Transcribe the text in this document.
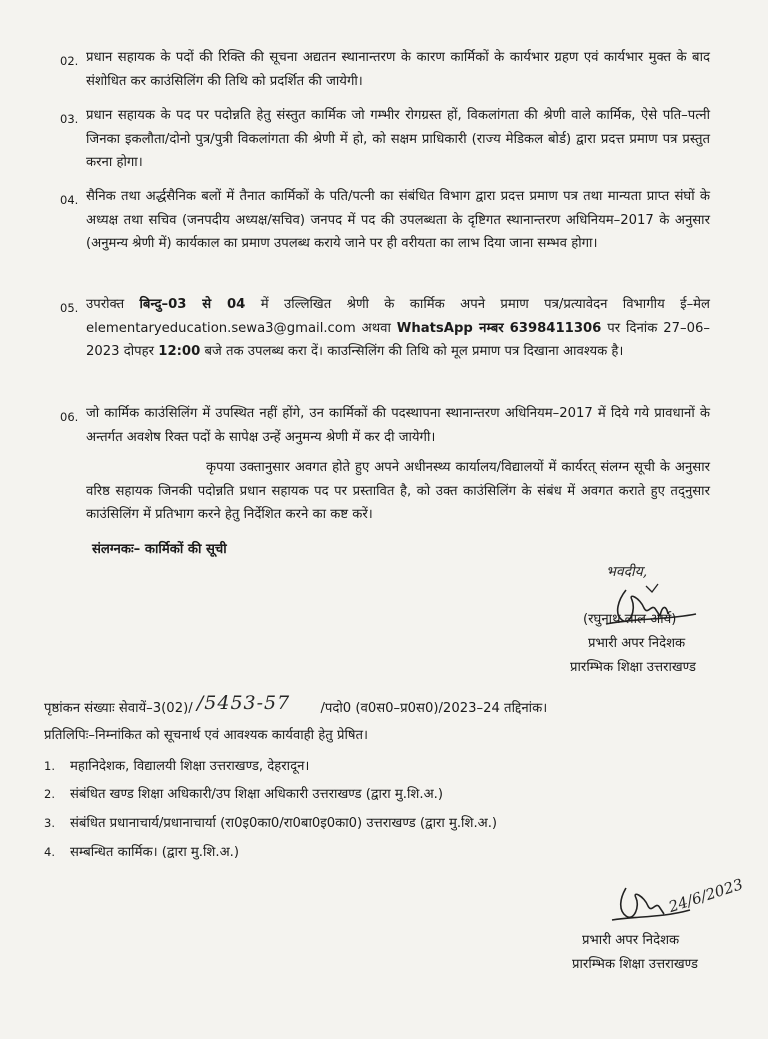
02. प्रधान सहायक के पदों की रिक्ति की सूचना अद्यतन स्थानान्तरण के कारण कार्मिकों के कार्यभार ग्रहण एवं कार्यभार मुक्त के बाद संशोधित कर काउंसिलिंग की तिथि को प्रदर्शित की जायेगी।
03. प्रधान सहायक के पद पर पदोन्नति हेतु संस्तुत कार्मिक जो गम्भीर रोगग्रस्त हों, विकलांगता की श्रेणी वाले कार्मिक, ऐसे पति–पत्नी जिनका इकलौता/दोनो पुत्र/पुत्री विकलांगता की श्रेणी में हो, को सक्षम प्राधिकारी (राज्य मेडिकल बोर्ड) द्वारा प्रदत्त प्रमाण पत्र प्रस्तुत करना होगा।
04. सैनिक तथा अर्द्धसैनिक बलों में तैनात कार्मिकों के पति/पत्नी का संबंधित विभाग द्वारा प्रदत्त प्रमाण पत्र तथा मान्यता प्राप्त संघों के अध्यक्ष तथा सचिव (जनपदीय अध्यक्ष/सचिव) जनपद में पद की उपलब्धता के दृष्टिगत स्थानान्तरण अधिनियम–2017 के अनुसार (अनुमन्य श्रेणी में) कार्यकाल का प्रमाण उपलब्ध कराये जाने पर ही वरीयता का लाभ दिया जाना सम्भव होगा।
05. उपरोक्त बिन्दु–03 से 04 में उल्लिखित श्रेणी के कार्मिक अपने प्रमाण पत्र/प्रत्यावेदन विभागीय ई–मेल elementaryeducation.sewa3@gmail.com अथवा WhatsApp नम्बर 6398411306 पर दिनांक 27–06–2023 दोपहर 12:00 बजे तक उपलब्ध करा दें। काउन्सिलिंग की तिथि को मूल प्रमाण पत्र दिखाना आवश्यक है।
06. जो कार्मिक काउंसिलिंग में उपस्थित नहीं होंगे, उन कार्मिकों की पदस्थापना स्थानान्तरण अधिनियम–2017 में दिये गये प्रावधानों के अन्तर्गत अवशेष रिक्त पदों के सापेक्ष उन्हें अनुमन्य श्रेणी में कर दी जायेगी।
कृपया उक्तानुसार अवगत होते हुए अपने अधीनस्थ्य कार्यालय/विद्यालयों में कार्यरत् संलग्न सूची के अनुसार वरिष्ठ सहायक जिनकी पदोन्नति प्रधान सहायक पद पर प्रस्तावित है, को उक्त काउंसिलिंग के संबंध में अवगत कराते हुए तद्नुसार काउंसिलिंग में प्रतिभाग करने हेतु निर्देशित करने का कष्ट करें।
संलग्नकः– कार्मिकों की सूची
भवदीय,
(रघुनाथ लाल आर्य)
प्रभारी अपर निदेशक
प्रारम्भिक शिक्षा उत्तराखण्ड
पृष्ठांकन संख्याः सेवायें–3(02)/ /5453-57 /पदो0 (व0स0–प्र0स0)/2023–24 तद्दिनांक।
प्रतिलिपिः–निम्नांकित को सूचनार्थ एवं आवश्यक कार्यवाही हेतु प्रेषित।
1. महानिदेशक, विद्यालयी शिक्षा उत्तराखण्ड, देहरादून।
2. संबंधित खण्ड शिक्षा अधिकारी/उप शिक्षा अधिकारी उत्तराखण्ड (द्वारा मु.शि.अ.)
3. संबंधित प्रधानाचार्य/प्रधानाचार्या (रा0इ0का0/रा0बा0इ0का0) उत्तराखण्ड (द्वारा मु.शि.अ.)
4. सम्बन्धित कार्मिक। (द्वारा मु.शि.अ.)
24/6/2023
प्रभारी अपर निदेशक
प्रारम्भिक शिक्षा उत्तराखण्ड
